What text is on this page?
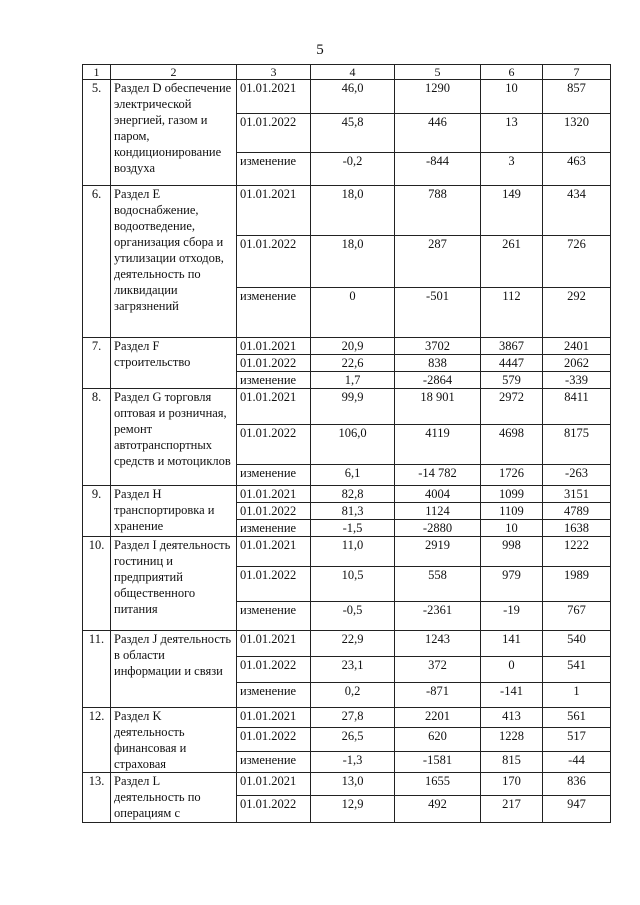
5
1	2	3	4	5	6	7
5.	Раздел D обеспечение электрической энергией, газом и паром, кондиционирование воздуха	01.01.2021	46,0	1290	10	857
		01.01.2022	45,8	446	13	1320
		изменение	-0,2	-844	3	463
6.	Раздел E водоснабжение, водоотведение, организация сбора и утилизации отходов, деятельность по ликвидации загрязнений	01.01.2021	18,0	788	149	434
		01.01.2022	18,0	287	261	726
		изменение	0	-501	112	292
7.	Раздел F строительство	01.01.2021	20,9	3702	3867	2401
		01.01.2022	22,6	838	4447	2062
		изменение	1,7	-2864	579	-339
8.	Раздел G торговля оптовая и розничная, ремонт автотранспортных средств и мотоциклов	01.01.2021	99,9	18 901	2972	8411
		01.01.2022	106,0	4119	4698	8175
		изменение	6,1	-14 782	1726	-263
9.	Раздел H транспортировка и хранение	01.01.2021	82,8	4004	1099	3151
		01.01.2022	81,3	1124	1109	4789
		изменение	-1,5	-2880	10	1638
10.	Раздел I деятельность гостиниц и предприятий общественного питания	01.01.2021	11,0	2919	998	1222
		01.01.2022	10,5	558	979	1989
		изменение	-0,5	-2361	-19	767
11.	Раздел J деятельность в области информации и связи	01.01.2021	22,9	1243	141	540
		01.01.2022	23,1	372	0	541
		изменение	0,2	-871	-141	1
12.	Раздел K деятельность финансовая и страховая	01.01.2021	27,8	2201	413	561
		01.01.2022	26,5	620	1228	517
		изменение	-1,3	-1581	815	-44
13.	Раздел L деятельность по операциям с	01.01.2021	13,0	1655	170	836
		01.01.2022	12,9	492	217	947
